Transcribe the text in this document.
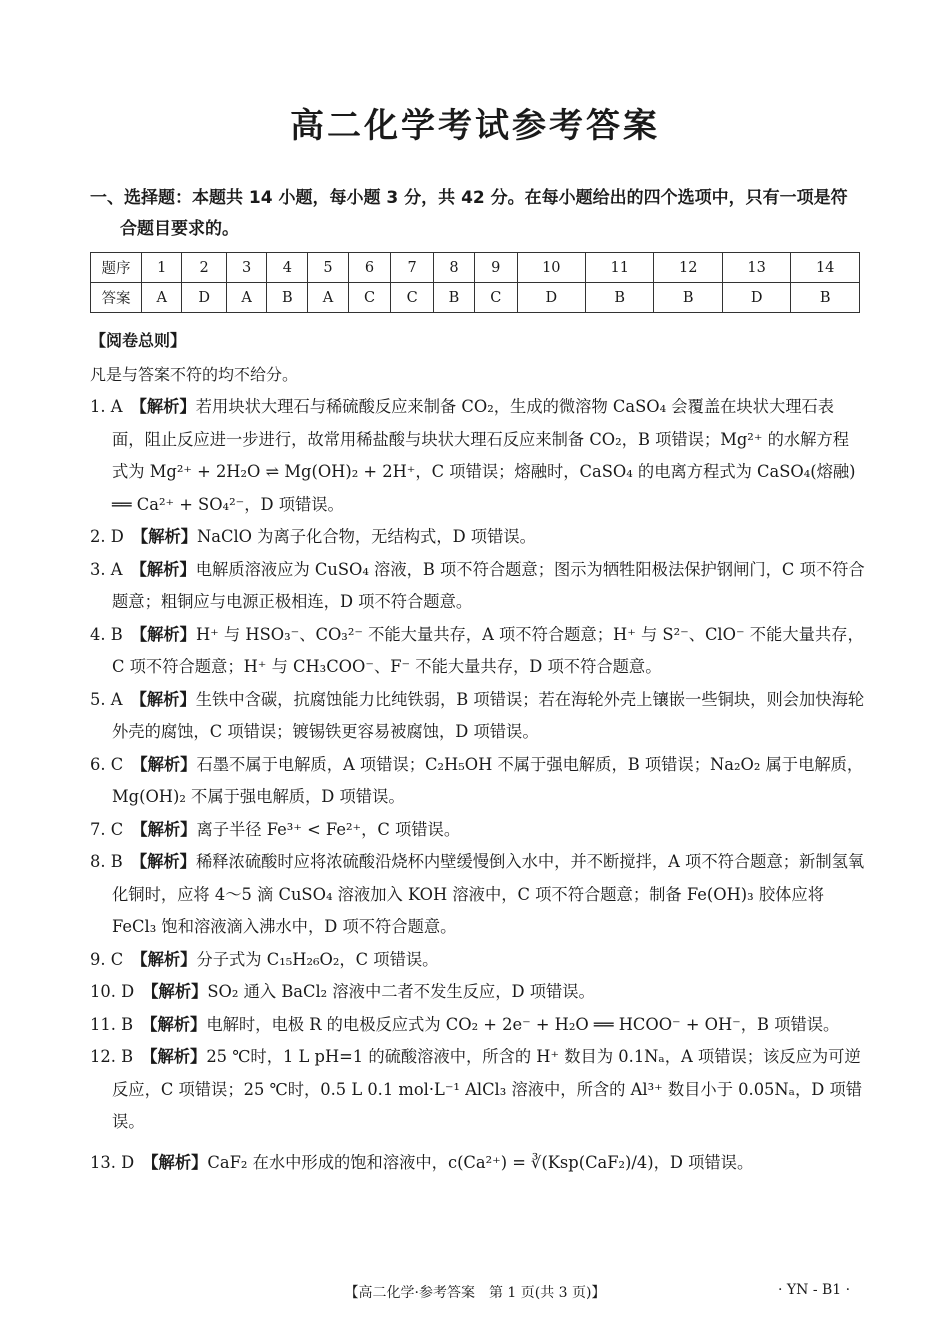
高二化学考试参考答案
一、选择题：本题共 14 小题，每小题 3 分，共 42 分。在每小题给出的四个选项中，只有一项是符
合题目要求的。
题序	1	2	3	4	5	6	7	8	9	10	11	12	13	14
答案	A	D	A	B	A	C	C	B	C	D	B	B	D	B
【阅卷总则】
凡是与答案不符的均不给分。

1. A　 【解析】若用块状大理石与稀硫酸反应来制备 CO₂，生成的微溶物 CaSO₄ 会覆盖在块状大理石表面，阻止反应进一步进行，故常用稀盐酸与块状大理石反应来制备 CO₂，B 项错误；Mg²⁺ 的水解方程式为 Mg²⁺ + 2H₂O ⇌ Mg(OH)₂ + 2H⁺，C 项错误；熔融时，CaSO₄ 的电离方程式为 CaSO₄(熔融) ══ Ca²⁺ + SO₄²⁻，D 项错误。

2. D　 【解析】NaClO 为离子化合物，无结构式，D 项错误。

3. A　 【解析】电解质溶液应为 CuSO₄ 溶液，B 项不符合题意；图示为牺牲阳极法保护钢闸门，C 项不符合题意；粗铜应与电源正极相连，D 项不符合题意。

4. B　 【解析】H⁺ 与 HSO₃⁻、CO₃²⁻ 不能大量共存，A 项不符合题意；H⁺ 与 S²⁻、ClO⁻ 不能大量共存，C 项不符合题意；H⁺ 与 CH₃COO⁻、F⁻ 不能大量共存，D 项不符合题意。

5. A　 【解析】生铁中含碳，抗腐蚀能力比纯铁弱，B 项错误；若在海轮外壳上镶嵌一些铜块，则会加快海轮外壳的腐蚀，C 项错误；镀锡铁更容易被腐蚀，D 项错误。

6. C　 【解析】石墨不属于电解质，A 项错误；C₂H₅OH 不属于强电解质，B 项错误；Na₂O₂ 属于电解质，Mg(OH)₂ 不属于强电解质，D 项错误。

7. C　 【解析】离子半径 Fe³⁺ < Fe²⁺，C 项错误。

8. B　 【解析】稀释浓硫酸时应将浓硫酸沿烧杯内壁缓慢倒入水中，并不断搅拌，A 项不符合题意；新制氢氧化铜时，应将 4～5 滴 CuSO₄ 溶液加入 KOH 溶液中，C 项不符合题意；制备 Fe(OH)₃ 胶体应将 FeCl₃ 饱和溶液滴入沸水中，D 项不符合题意。

9. C　 【解析】分子式为 C₁₅H₂₆O₂，C 项错误。

10. D　 【解析】SO₂ 通入 BaCl₂ 溶液中二者不发生反应，D 项错误。

11. B　 【解析】电解时，电极 R 的电极反应式为 CO₂ + 2e⁻ + H₂O ══ HCOO⁻ + OH⁻，B 项错误。

12. B　 【解析】25 ℃时，1 L pH=1 的硫酸溶液中，所含的 H⁺ 数目为 0.1Nₐ，A 项错误；该反应为可逆反应，C 项错误；25 ℃时，0.5 L 0.1 mol·L⁻¹ AlCl₃ 溶液中，所含的 Al³⁺ 数目小于 0.05Nₐ，D 项错误。

13. D　 【解析】CaF₂ 在水中形成的饱和溶液中，c(Ca²⁺) = ∛(Ksp(CaF₂)/4)，D 项错误。

【高二化学·参考答案　第 1 页(共 3 页)】	· YN - B1 ·
